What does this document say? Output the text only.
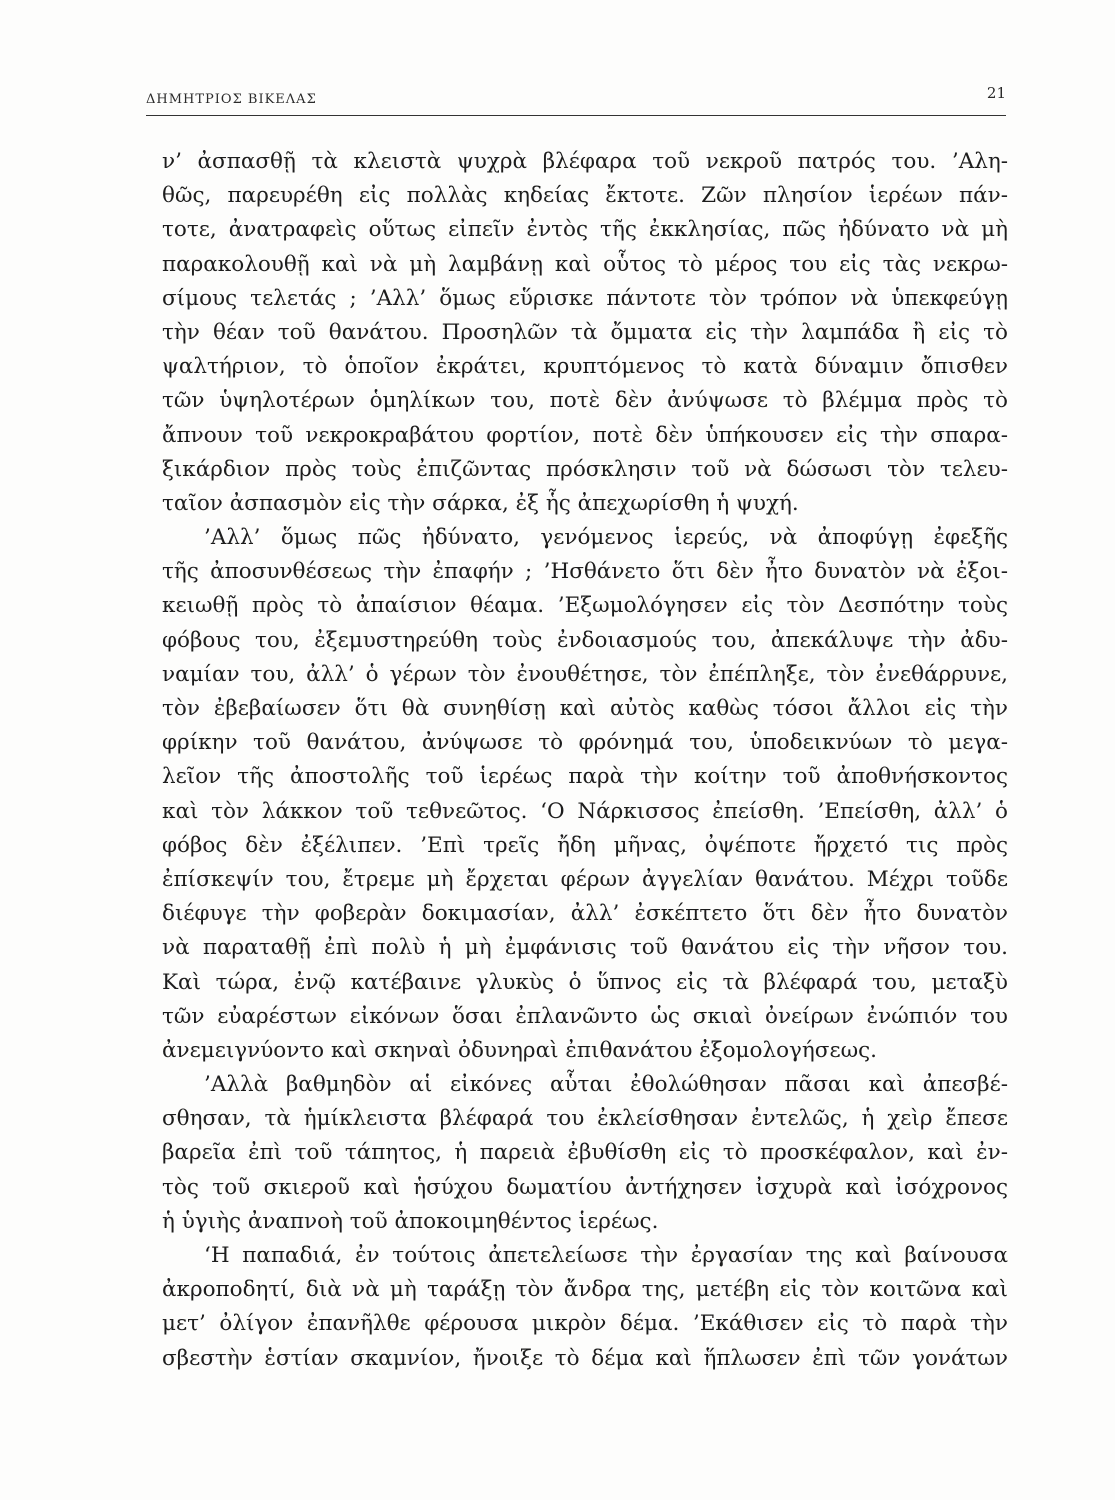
ΔΗΜΗΤΡΙΟΣ ΒΙΚΕΛΑΣ	21
ν’ ἀσπασθῇ τὰ κλειστὰ ψυχρὰ βλέφαρα τοῦ νεκροῦ πατρός του. ’Αλη-
θῶς, παρευρέθη εἰς πολλὰς κηδείας ἔκτοτε. Ζῶν πλησίον ἱερέων πάν-
τοτε, ἀνατραφεὶς οὕτως εἰπεῖν ἐντὸς τῆς ἐκκλησίας, πῶς ἠδύνατο νὰ μὴ
παρακολουθῇ καὶ νὰ μὴ λαμβάνῃ καὶ οὗτος τὸ μέρος του εἰς τὰς νεκρω-
σίμους τελετάς ; ’Αλλ’ ὅμως εὕρισκε πάντοτε τὸν τρόπον νὰ ὑπεκφεύγῃ
τὴν θέαν τοῦ θανάτου. Προσηλῶν τὰ ὄμματα εἰς τὴν λαμπάδα ἢ εἰς τὸ
ψαλτήριον, τὸ ὁποῖον ἐκράτει, κρυπτόμενος τὸ κατὰ δύναμιν ὄπισθεν
τῶν ὑψηλοτέρων ὁμηλίκων του, ποτὲ δὲν ἀνύψωσε τὸ βλέμμα πρὸς τὸ
ἄπνουν τοῦ νεκροκραβάτου φορτίον, ποτὲ δὲν ὑπήκουσεν εἰς τὴν σπαρα-
ξικάρδιον πρὸς τοὺς ἐπιζῶντας πρόσκλησιν τοῦ νὰ δώσωσι τὸν τελευ-
ταῖον ἀσπασμὸν εἰς τὴν σάρκα, ἐξ ἧς ἀπεχωρίσθη ἡ ψυχή.
’Αλλ’ ὅμως πῶς ἠδύνατο, γενόμενος ἱερεύς, νὰ ἀποφύγῃ ἐφεξῆς
τῆς ἀποσυνθέσεως τὴν ἐπαφήν ; ’Ησθάνετο ὅτι δὲν ἦτο δυνατὸν νὰ ἐξοι-
κειωθῇ πρὸς τὸ ἀπαίσιον θέαμα. ’Εξωμολόγησεν εἰς τὸν Δεσπότην τοὺς
φόβους του, ἐξεμυστηρεύθη τοὺς ἐνδοιασμούς του, ἀπεκάλυψε τὴν ἀδυ-
ναμίαν του, ἀλλ’ ὁ γέρων τὸν ἐνουθέτησε, τὸν ἐπέπληξε, τὸν ἐνεθάρρυνε,
τὸν ἐβεβαίωσεν ὅτι θὰ συνηθίσῃ καὶ αὐτὸς καθὼς τόσοι ἄλλοι εἰς τὴν
φρίκην τοῦ θανάτου, ἀνύψωσε τὸ φρόνημά του, ὑποδεικνύων τὸ μεγα-
λεῖον τῆς ἀποστολῆς τοῦ ἱερέως παρὰ τὴν κοίτην τοῦ ἀποθνήσκοντος
καὶ τὸν λάκκον τοῦ τεθνεῶτος. ‘Ο Νάρκισσος ἐπείσθη. ’Επείσθη, ἀλλ’ ὁ
φόβος δὲν ἐξέλιπεν. ’Επὶ τρεῖς ἤδη μῆνας, ὀψέποτε ἤρχετό τις πρὸς
ἐπίσκεψίν του, ἔτρεμε μὴ ἔρχεται φέρων ἀγγελίαν θανάτου. Μέχρι τοῦδε
διέφυγε τὴν φοβερὰν δοκιμασίαν, ἀλλ’ ἐσκέπτετο ὅτι δὲν ἦτο δυνατὸν
νὰ παραταθῇ ἐπὶ πολὺ ἡ μὴ ἐμφάνισις τοῦ θανάτου εἰς τὴν νῆσον του.
Καὶ τώρα, ἐνῷ κατέβαινε γλυκὺς ὁ ὕπνος εἰς τὰ βλέφαρά του, μεταξὺ
τῶν εὐαρέστων εἰκόνων ὅσαι ἐπλανῶντο ὡς σκιαὶ ὀνείρων ἐνώπιόν του
ἀνεμειγνύοντο καὶ σκηναὶ ὀδυνηραὶ ἐπιθανάτου ἐξομολογήσεως.
’Αλλὰ βαθμηδὸν αἱ εἰκόνες αὗται ἐθολώθησαν πᾶσαι καὶ ἀπεσβέ-
σθησαν, τὰ ἡμίκλειστα βλέφαρά του ἐκλείσθησαν ἐντελῶς, ἡ χεὶρ ἔπεσε
βαρεῖα ἐπὶ τοῦ τάπητος, ἡ παρειὰ ἐβυθίσθη εἰς τὸ προσκέφαλον, καὶ ἐν-
τὸς τοῦ σκιεροῦ καὶ ἡσύχου δωματίου ἀντήχησεν ἰσχυρὰ καὶ ἰσόχρονος
ἡ ὑγιὴς ἀναπνοὴ τοῦ ἀποκοιμηθέντος ἱερέως.
‘Η παπαδιά, ἐν τούτοις ἀπετελείωσε τὴν ἐργασίαν της καὶ βαίνουσα
ἀκροποδητί, διὰ νὰ μὴ ταράξῃ τὸν ἄνδρα της, μετέβη εἰς τὸν κοιτῶνα καὶ
μετ’ ὀλίγον ἐπανῆλθε φέρουσα μικρὸν δέμα. ’Εκάθισεν εἰς τὸ παρὰ τὴν
σβεστὴν ἑστίαν σκαμνίον, ἤνοιξε τὸ δέμα καὶ ἥπλωσεν ἐπὶ τῶν γονάτων
